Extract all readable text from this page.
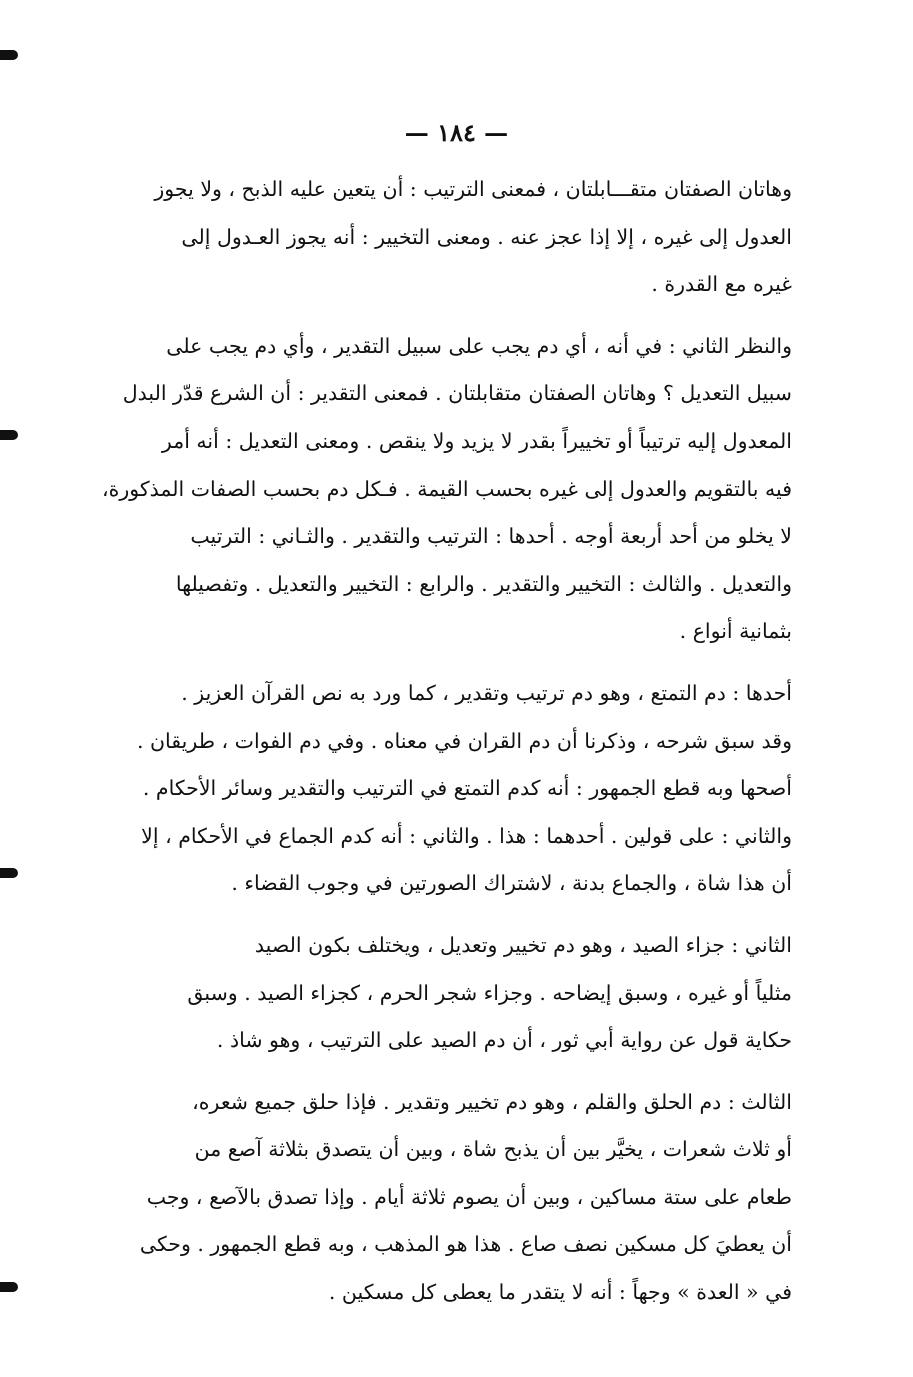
— ١٨٤ —
وهاتان الصفتان متقـــابلتان ، فمعنى الترتيب : أن يتعين عليه الذبح ، ولا يجوز
العدول إلى غيره ، إلا إذا عجز عنه . ومعنى التخيير : أنه يجوز العـدول إلى
غيره مع القدرة .
والنظر الثاني : في أنه ، أي دم يجب على سبيل التقدير ، وأي دم يجب على
سبيل التعديل ؟ وهاتان الصفتان متقابلتان . فمعنى التقدير : أن الشرع قدّر البدل
المعدول إليه ترتيباً أو تخييراً بقدر لا يزيد ولا ينقص . ومعنى التعديل : أنه أمر
فيه بالتقويم والعدول إلى غيره بحسب القيمة . فـكل دم بحسب الصفات المذكورة،
لا يخلو من أحد أربعة أوجه . أحدها : الترتيب والتقدير . والثـاني : الترتيب
والتعديل . والثالث : التخيير والتقدير . والرابع : التخيير والتعديل . وتفصيلها
بثمانية أنواع .
أحدها : دم التمتع ، وهو دم ترتيب وتقدير ، كما ورد به نص القرآن العزيز .
وقد سبق شرحه ، وذكرنا أن دم القران في معناه . وفي دم الفوات ، طريقان .
أصحها وبه قطع الجمهور : أنه كدم التمتع في الترتيب والتقدير وسائر الأحكام .
والثاني : على قولين . أحدهما : هذا . والثاني : أنه كدم الجماع في الأحكام ، إلا
أن هذا شاة ، والجماع بدنة ، لاشتراك الصورتين في وجوب القضاء .
الثاني : جزاء الصيد ، وهو دم تخيير وتعديل ، ويختلف بكون الصيد
مثلياً أو غيره ، وسبق إيضاحه . وجزاء شجر الحرم ، كجزاء الصيد . وسبق
حكاية قول عن رواية أبي ثور ، أن دم الصيد على الترتيب ، وهو شاذ .
الثالث : دم الحلق والقلم ، وهو دم تخيير وتقدير . فإذا حلق جميع شعره،
أو ثلاث شعرات ، يخيَّر بين أن يذبح شاة ، وبين أن يتصدق بثلاثة آصع من
طعام على ستة مساكين ، وبين أن يصوم ثلاثة أيام . وإذا تصدق بالآصع ، وجب
أن يعطيَ كل مسكين نصف صاع . هذا هو المذهب ، وبه قطع الجمهور . وحكى
في « العدة » وجهاً : أنه لا يتقدر ما يعطى كل مسكين .
